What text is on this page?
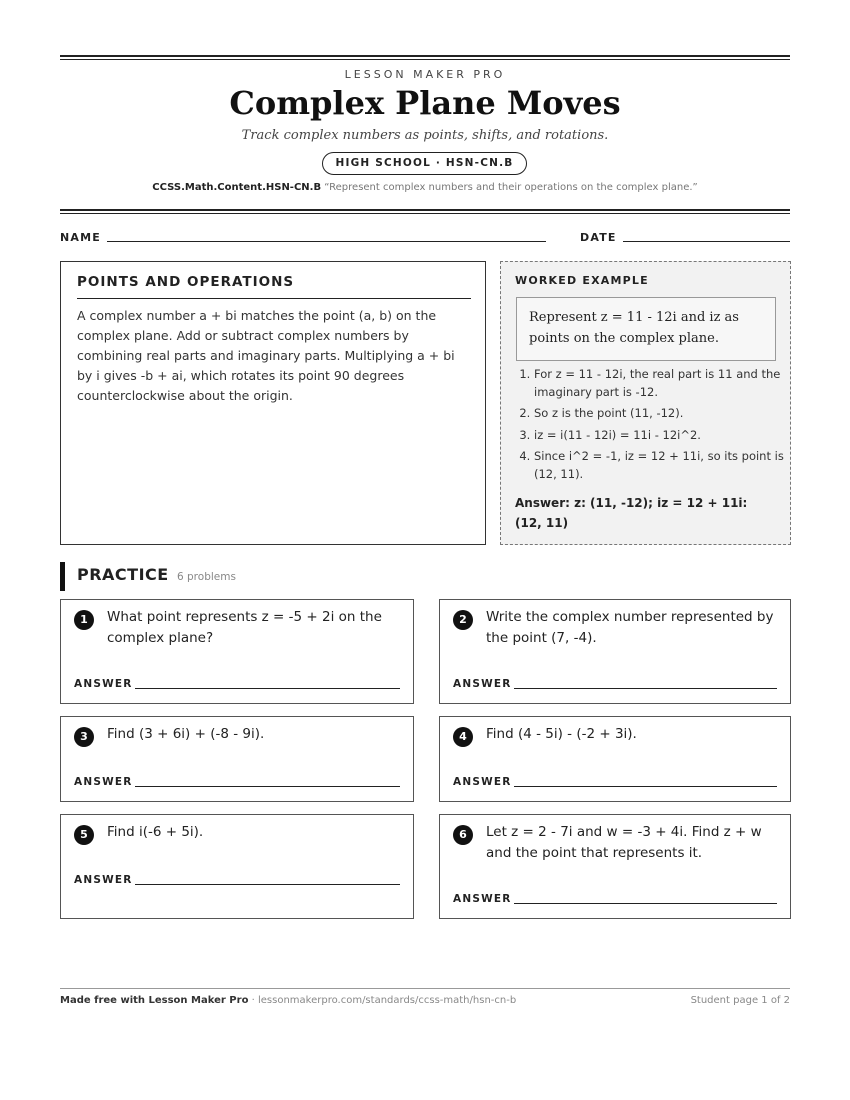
LESSON MAKER PRO
Complex Plane Moves
Track complex numbers as points, shifts, and rotations.
HIGH SCHOOL · HSN-CN.B
CCSS.Math.Content.HSN-CN.B “Represent complex numbers and their operations on the complex plane.”
NAME	DATE
POINTS AND OPERATIONS
A complex number a + bi matches the point (a, b) on the complex plane. Add or subtract complex numbers by combining real parts and imaginary parts. Multiplying a + bi by i gives -b + ai, which rotates its point 90 degrees counterclockwise about the origin.
WORKED EXAMPLE
Represent z = 11 - 12i and iz as points on the complex plane.
1. For z = 11 - 12i, the real part is 11 and the imaginary part is -12.
2. So z is the point (11, -12).
3. iz = i(11 - 12i) = 11i - 12i^2.
4. Since i^2 = -1, iz = 12 + 11i, so its point is (12, 11).
Answer: z: (11, -12); iz = 12 + 11i: (12, 11)
PRACTICE 6 problems
1	What point represents z = -5 + 2i on the complex plane?
ANSWER
2	Write the complex number represented by the point (7, -4).
ANSWER
3	Find (3 + 6i) + (-8 - 9i).
ANSWER
4	Find (4 - 5i) - (-2 + 3i).
ANSWER
5	Find i(-6 + 5i).
ANSWER
6	Let z = 2 - 7i and w = -3 + 4i. Find z + w and the point that represents it.
ANSWER
Made free with Lesson Maker Pro · lessonmakerpro.com/standards/ccss-math/hsn-cn-b	Student page 1 of 2
